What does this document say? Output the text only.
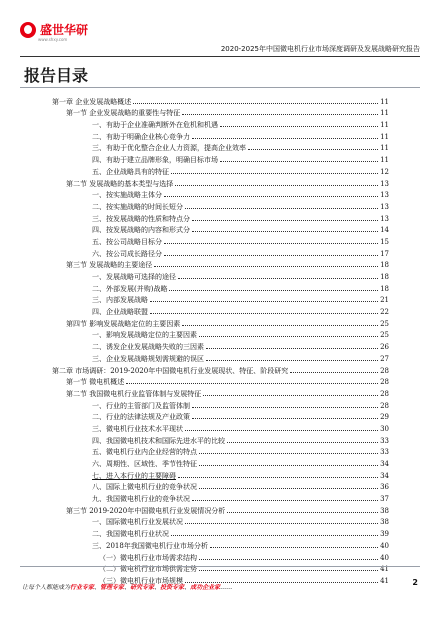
盛世华研
www.shxy.com
2020-2025年中国微电机行业市场深度调研及发展战略研究报告
报告目录
第一章 企业发展战略概述	11
第一节 企业发展战略的重要性与特征	11
一、有助于企业准确判断外在危机和机遇	11
二、有助于明确企业核心竞争力	11
三、有助于优化整合企业人力资源，提高企业效率	11
四、有助于建立品牌形象，明确目标市场	11
五、企业战略具有的特征	12
第二节 发展战略的基本类型与选择	13
一、按实施战略主体分	13
二、按实施战略的时间长短分	13
三、按发展战略的性质和特点分	13
四、按发展战略的内容和形式分	14
五、按公司战略目标分	15
六、按公司成长路径分	17
第三节 发展战略的主要途径	18
一、发展战略可选择的途径	18
二、外部发展(并购)战略	18
三、内部发展战略	21
四、企业战略联盟	22
第四节 影响发展战略定位的主要因素	25
一、影响发展战略定位的主要因素	25
二、诱发企业发展战略失败的三因素	26
三、企业发展战略规划需规避的误区	27
第二章 市场调研：2019-2020年中国微电机行业发展现状、特征、阶段研究	28
第一节 微电机概述	28
第二节 我国微电机行业监管体制与发展特征	28
一、行业的主管部门及监管体制	28
二、行业的法律法规及产业政策	29
三、微电机行业技术水平现状	30
四、我国微电机技术和国际先进水平的比较	33
五、微电机行业内企业经营的特点	33
六、周期性、区域性、季节性特征	34
七、进入本行业的主要障碍	34
八、国际上微电机行业的竞争状况	36
九、我国微电机行业的竞争状况	37
第三节 2019-2020年中国微电机行业发展情况分析	38
一、国际微电机行业发展状况	38
二、我国微电机行业状况	39
三、2018年我国微电机行业市场分析	40
（一）微电机行业市场需求结构	40
（二）微电机行业市场供需走势	41
（三）微电机行业市场规模	41
让每个人都能成为行业专家、管理专家、研究专家、投资专家、成功企业家……
2
